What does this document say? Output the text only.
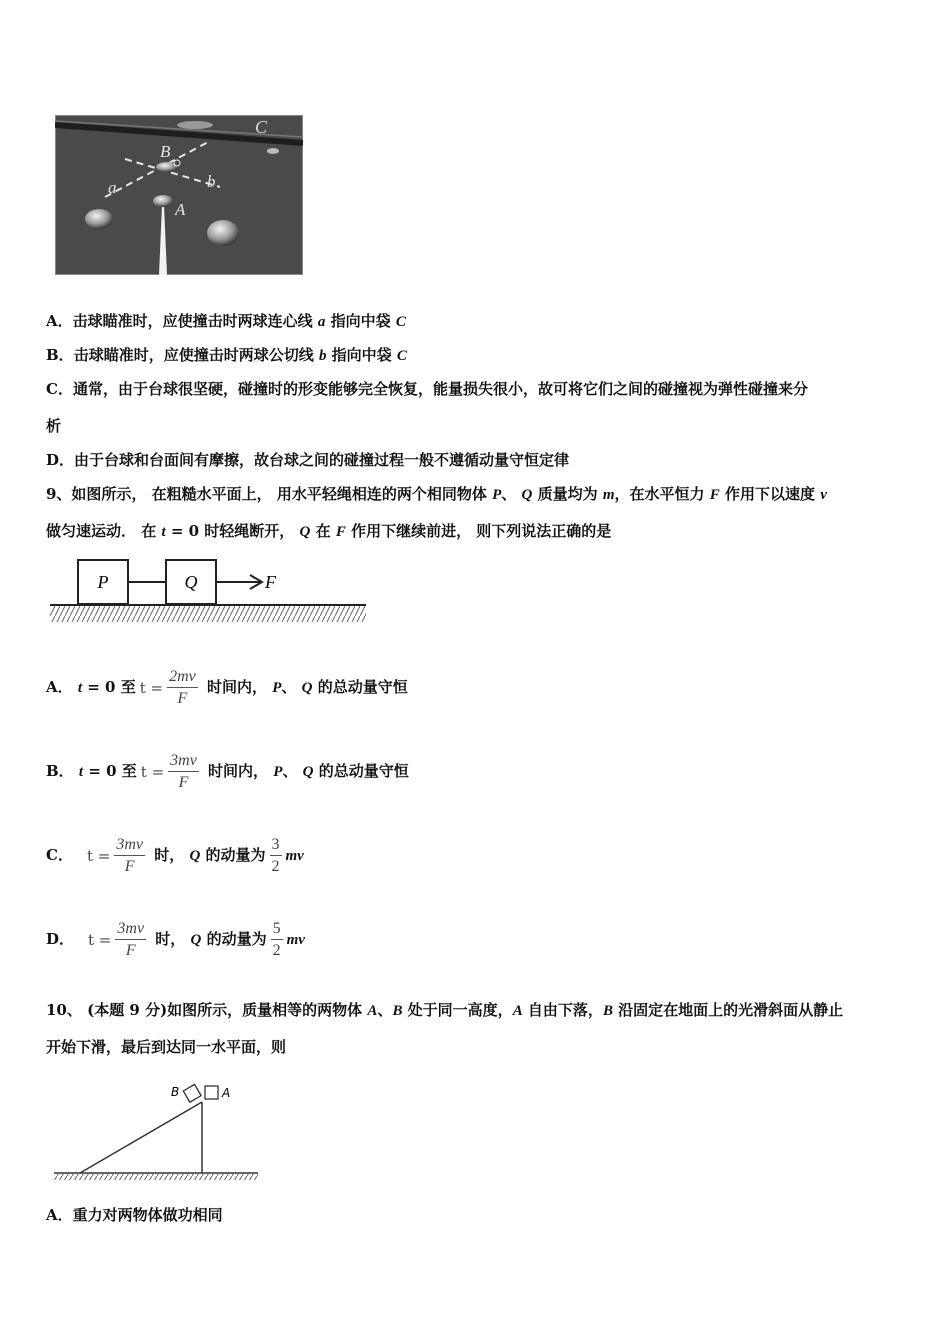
C
B
b
a
A
A．击球瞄准时，应使撞击时两球连心线 a 指向中袋 C
B．击球瞄准时，应使撞击时两球公切线 b 指向中袋 C
C．通常，由于台球很坚硬，碰撞时的形变能够完全恢复，能量损失很小，故可将它们之间的碰撞视为弹性碰撞来分
析
D．由于台球和台面间有摩擦，故台球之间的碰撞过程一般不遵循动量守恒定律
9、如图所示， 在粗糙水平面上， 用水平轻绳相连的两个相同物体 P、 Q 质量均为 m，在水平恒力 F 作用下以速度 v
做匀速运动． 在 t = 0 时轻绳断开， Q 在 F 作用下继续前进， 则下列说法正确的是
P	Q	F
A． t = 0 至 $t = \frac{2mv}{F}$ 时间内， P、 Q 的总动量守恒
B． t = 0 至 $t = \frac{3mv}{F}$ 时间内， P、 Q 的总动量守恒
C． $t = \frac{3mv}{F}$ 时， Q 的动量为 $\frac{3}{2}$ mv
D． $t = \frac{3mv}{F}$ 时， Q 的动量为 $\frac{5}{2}$ mv
10、 (本题 9 分)如图所示，质量相等的两物体 A、B 处于同一高度，A 自由下落，B 沿固定在地面上的光滑斜面从静止
开始下滑，最后到达同一水平面，则
B	A
A．重力对两物体做功相同
